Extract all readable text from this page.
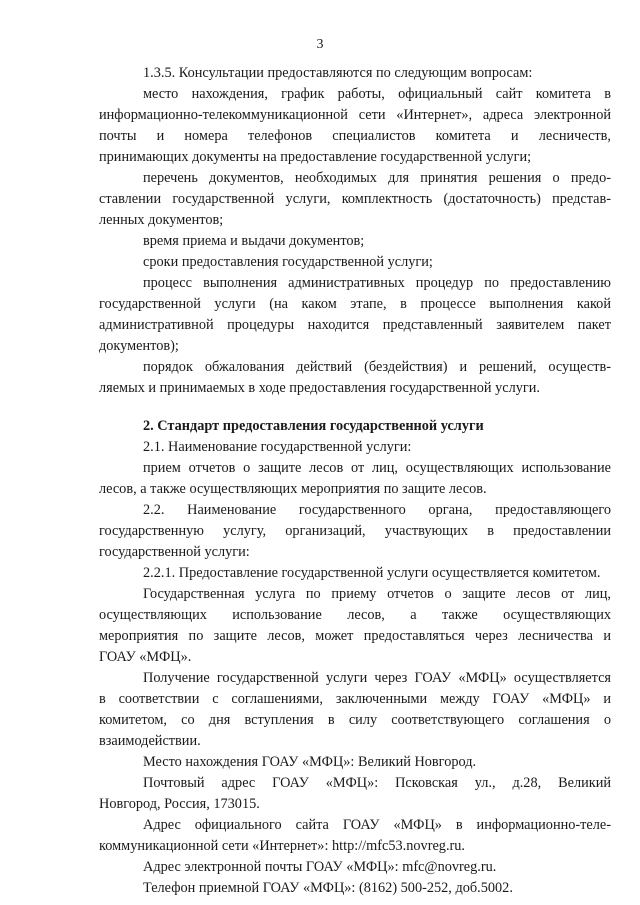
3
1.3.5. Консультации предоставляются по следующим вопросам:
место нахождения, график работы, официальный сайт комитета в
информационно-телекоммуникационной сети «Интернет», адреса электронной
почты и номера телефонов специалистов комитета и лесничеств,
принимающих документы на предоставление государственной услуги;
перечень документов, необходимых для принятия решения о предо-
ставлении государственной услуги, комплектность (достаточность) представ-
ленных документов;
время приема и выдачи документов;
сроки предоставления государственной услуги;
процесс выполнения административных процедур по предоставлению
государственной услуги (на каком этапе, в процессе выполнения какой
административной процедуры находится представленный заявителем пакет
документов);
порядок обжалования действий (бездействия) и решений, осуществ-
ляемых и принимаемых в ходе предоставления государственной услуги.
2. Стандарт предоставления государственной услуги
2.1. Наименование государственной услуги:
прием отчетов о защите лесов от лиц, осуществляющих использование
лесов, а также осуществляющих мероприятия по защите лесов.
2.2. Наименование государственного органа, предоставляющего
государственную услугу, организаций, участвующих в предоставлении
государственной услуги:
2.2.1. Предоставление государственной услуги осуществляется комитетом.
Государственная услуга по приему отчетов о защите лесов от лиц,
осуществляющих использование лесов, а также осуществляющих
мероприятия по защите лесов, может предоставляться через лесничества и
ГОАУ «МФЦ».
Получение государственной услуги через ГОАУ «МФЦ» осуществляется
в соответствии с соглашениями, заключенными между ГОАУ «МФЦ» и
комитетом, со дня вступления в силу соответствующего соглашения о
взаимодействии.
Место нахождения ГОАУ «МФЦ»: Великий Новгород.
Почтовый адрес ГОАУ «МФЦ»: Псковская ул., д.28, Великий
Новгород, Россия, 173015.
Адрес официального сайта ГОАУ «МФЦ» в информационно-теле-
коммуникационной сети «Интернет»: http://mfc53.novreg.ru.
Адрес электронной почты ГОАУ «МФЦ»: mfc@novreg.ru.
Телефон приемной ГОАУ «МФЦ»: (8162) 500-252, доб.5002.
